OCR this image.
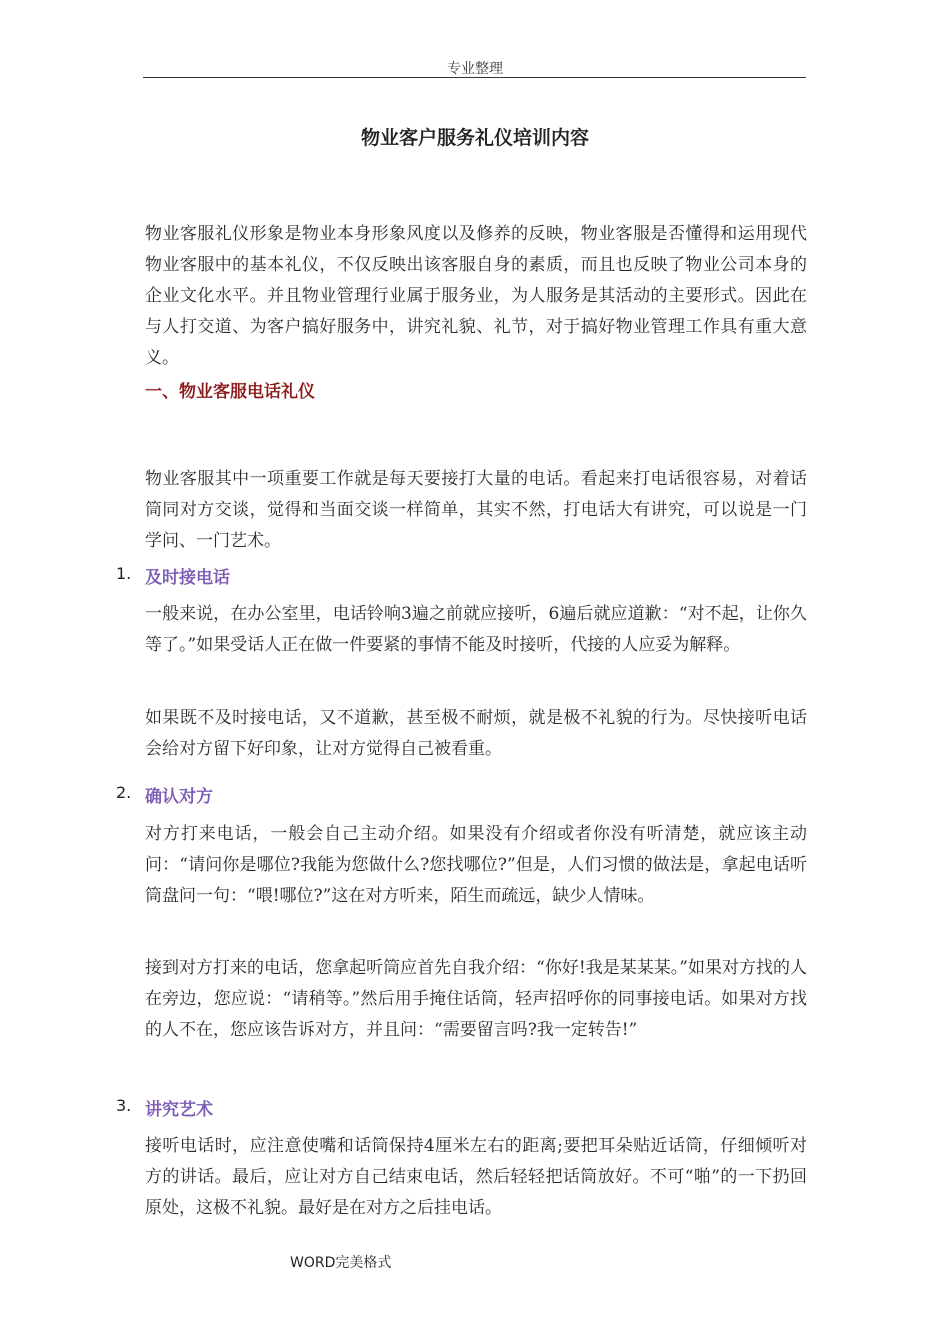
专业整理
物业客户服务礼仪培训内容

物业客服礼仪形象是物业本身形象风度以及修养的反映，物业客服是否懂得和运用现代物业客服中的基本礼仪，不仅反映出该客服自身的素质，而且也反映了物业公司本身的企业文化水平。并且物业管理行业属于服务业，为人服务是其活动的主要形式。因此在与人打交道、为客户搞好服务中，讲究礼貌、礼节，对于搞好物业管理工作具有重大意义。

一、物业客服电话礼仪

物业客服其中一项重要工作就是每天要接打大量的电话。看起来打电话很容易，对着话筒同对方交谈，觉得和当面交谈一样简单，其实不然，打电话大有讲究，可以说是一门学问、一门艺术。

1. 及时接电话

一般来说，在办公室里，电话铃响3遍之前就应接听，6遍后就应道歉：“对不起，让你久等了。”如果受话人正在做一件要紧的事情不能及时接听，代接的人应妥为解释。

如果既不及时接电话，又不道歉，甚至极不耐烦，就是极不礼貌的行为。尽快接听电话会给对方留下好印象，让对方觉得自己被看重。

2. 确认对方

对方打来电话，一般会自己主动介绍。如果没有介绍或者你没有听清楚，就应该主动问：“请问你是哪位?我能为您做什么?您找哪位?”但是，人们习惯的做法是，拿起电话听筒盘问一句：“喂!哪位?”这在对方听来，陌生而疏远，缺少人情味。

接到对方打来的电话，您拿起听筒应首先自我介绍：“你好!我是某某某。”如果对方找的人在旁边，您应说：“请稍等。”然后用手掩住话筒，轻声招呼你的同事接电话。如果对方找的人不在，您应该告诉对方，并且问：“需要留言吗?我一定转告!”

3. 讲究艺术

接听电话时，应注意使嘴和话筒保持4厘米左右的距离;要把耳朵贴近话筒，仔细倾听对方的讲话。最后，应让对方自己结束电话，然后轻轻把话筒放好。不可“啪”的一下扔回原处，这极不礼貌。最好是在对方之后挂电话。

WORD完美格式
